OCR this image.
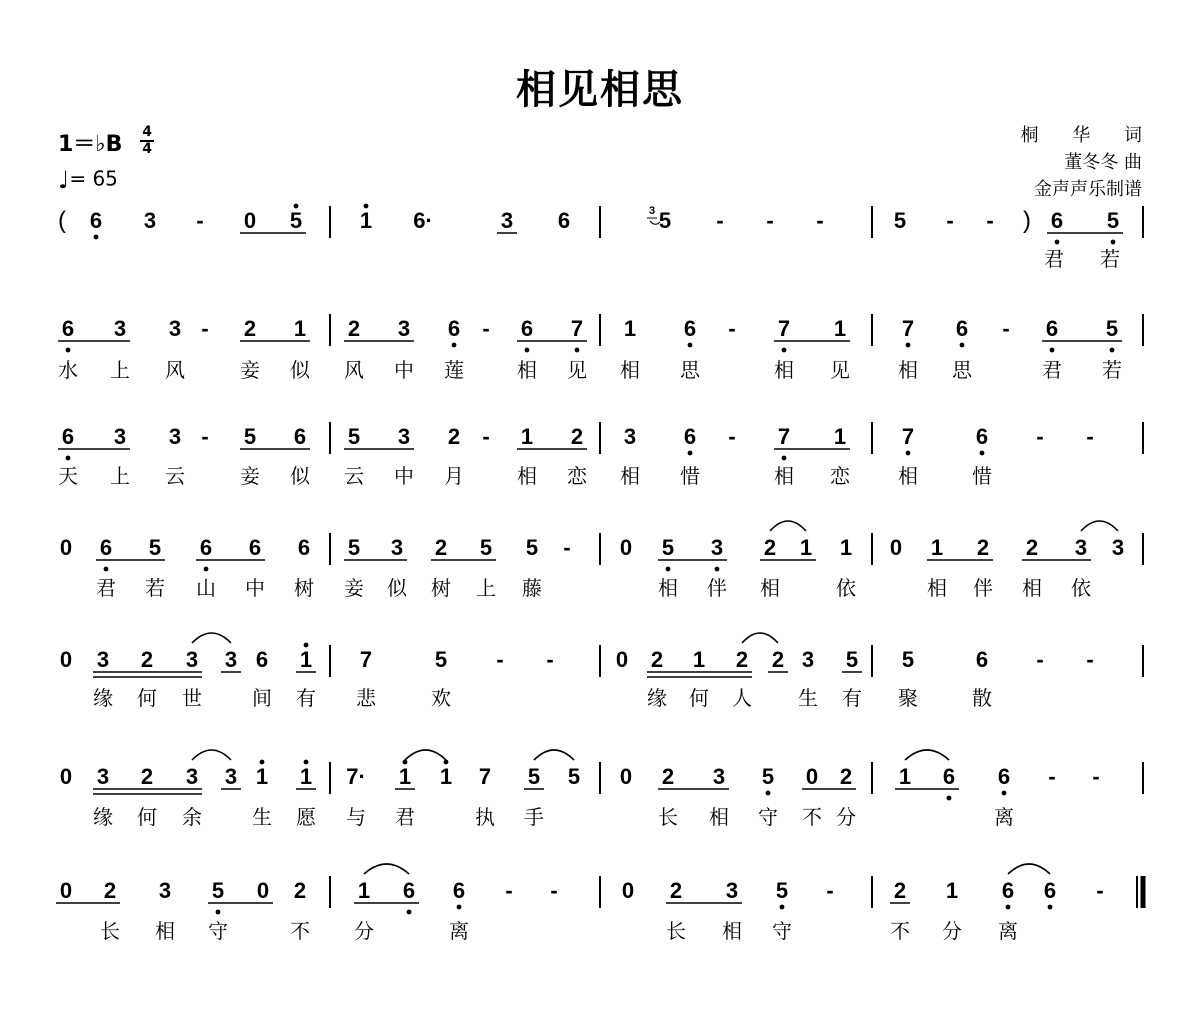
相见相思
1＝♭B $\frac{4}{4}$
♩= 65
桐 华 词
董冬冬 曲
金声声乐制谱
( 6 3 - 0 5	1 6·	3 6	5 - - -	5 - - ) 6 5
君 若
6 3 3 - 2 1 2 3 6 - 6 7 1 6 - 7 1	7 6 - 6 5
水 上 风	妾 似 风 中 莲	相 见 相 思	相 见 相 思	君 若
6 3 3 - 5 6 5 3 2 - 1 2 3 6 - 7 1	7	6 - -
天 上 云	妾 似 云 中 月	相 恋 相 惜	相 恋 相	惜
0 6 5 6 6 6 5 3 2 5 5 - 0 5 3 2 1 1 0 1 2 2 3 3
君 若 山 中 树 妾 似 树 上 藤	相 伴 相	依	相 伴 相 依
0 3 2 3 3 6 1 7	5 - -	0 2 1 2 2 3 5 5	6 - -
缘 何 世	间 有 悲	欢	缘 何 人 生 有 聚	散
0 3 2 3 3 1 1 7· 1 1 7 5 5 0 2 3 5 0 2 1 6 6 - -
缘 何 余	生 愿 与 君	执 手	长 相 守 不 分	离
0 2 3 5 0 2 1 6 6 - -	0 2 3 5 -	2 1 6 6 -
长 相 守	不 分	离	长 相 守	不 分 离
3
